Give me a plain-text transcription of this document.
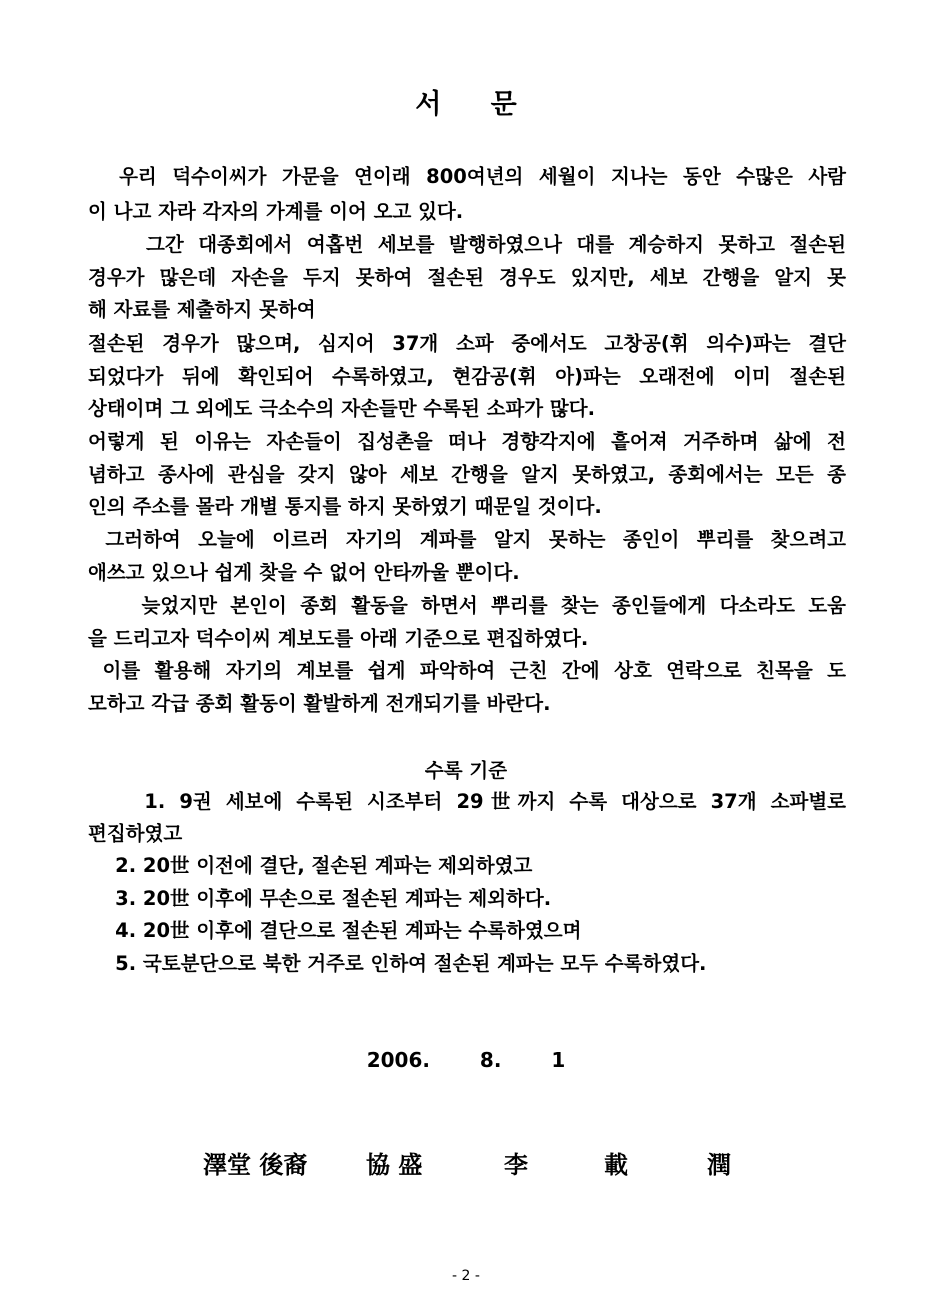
서 문
우리 덕수이씨가 가문을 연이래 800여년의 세월이 지나는 동안 수많은 사람
이 나고 자라 각자의 가계를 이어 오고 있다.
그간 대종회에서 여홉번 세보를 발행하였으나 대를 계승하지 못하고 절손된
경우가 많은데 자손을 두지 못하여 절손된 경우도 있지만, 세보 간행을 알지 못
해 자료를 제출하지 못하여
절손된 경우가 많으며, 심지어 37개 소파 중에서도 고창공(휘 의수)파는 결단
되었다가 뒤에 확인되어 수록하였고, 현감공(휘 아)파는 오래전에 이미 절손된
상태이며 그 외에도 극소수의 자손들만 수록된 소파가 많다.
어렇게 된 이유는 자손들이 집성촌을 떠나 경향각지에 흩어져 거주하며 삶에 전
념하고 종사에 관심을 갖지 않아 세보 간행을 알지 못하였고, 종회에서는 모든 종
인의 주소를 몰라 개별 통지를 하지 못하였기 때문일 것이다.
그러하여 오늘에 이르러 자기의 계파를 알지 못하는 종인이 뿌리를 찾으려고
애쓰고 있으나 쉽게 찾을 수 없어 안타까울 뿐이다.
늦었지만 본인이 종회 활동을 하면서 뿌리를 찾는 종인들에게 다소라도 도움
을 드리고자 덕수이씨 계보도를 아래 기준으로 편집하였다.
이를 활용해 자기의 계보를 쉽게 파악하여 근친 간에 상호 연락으로 친목을 도
모하고 각급 종회 활동이 활발하게 전개되기를 바란다.
수록 기준
1. 9권 세보에 수록된 시조부터 29世까지 수록 대상으로 37개 소파별로
편집하였고
2. 20世 이전에 결단, 절손된 계파는 제외하였고
3. 20世 이후에 무손으로 절손된 계파는 제외하다.
4. 20世 이후에 결단으로 절손된 계파는 수록하였으며
5. 국토분단으로 북한 거주로 인하여 절손된 계파는 모두 수록하였다.
2006.  8.  1
澤堂 後裔 協 盛	李	載	潤
- 2 -
